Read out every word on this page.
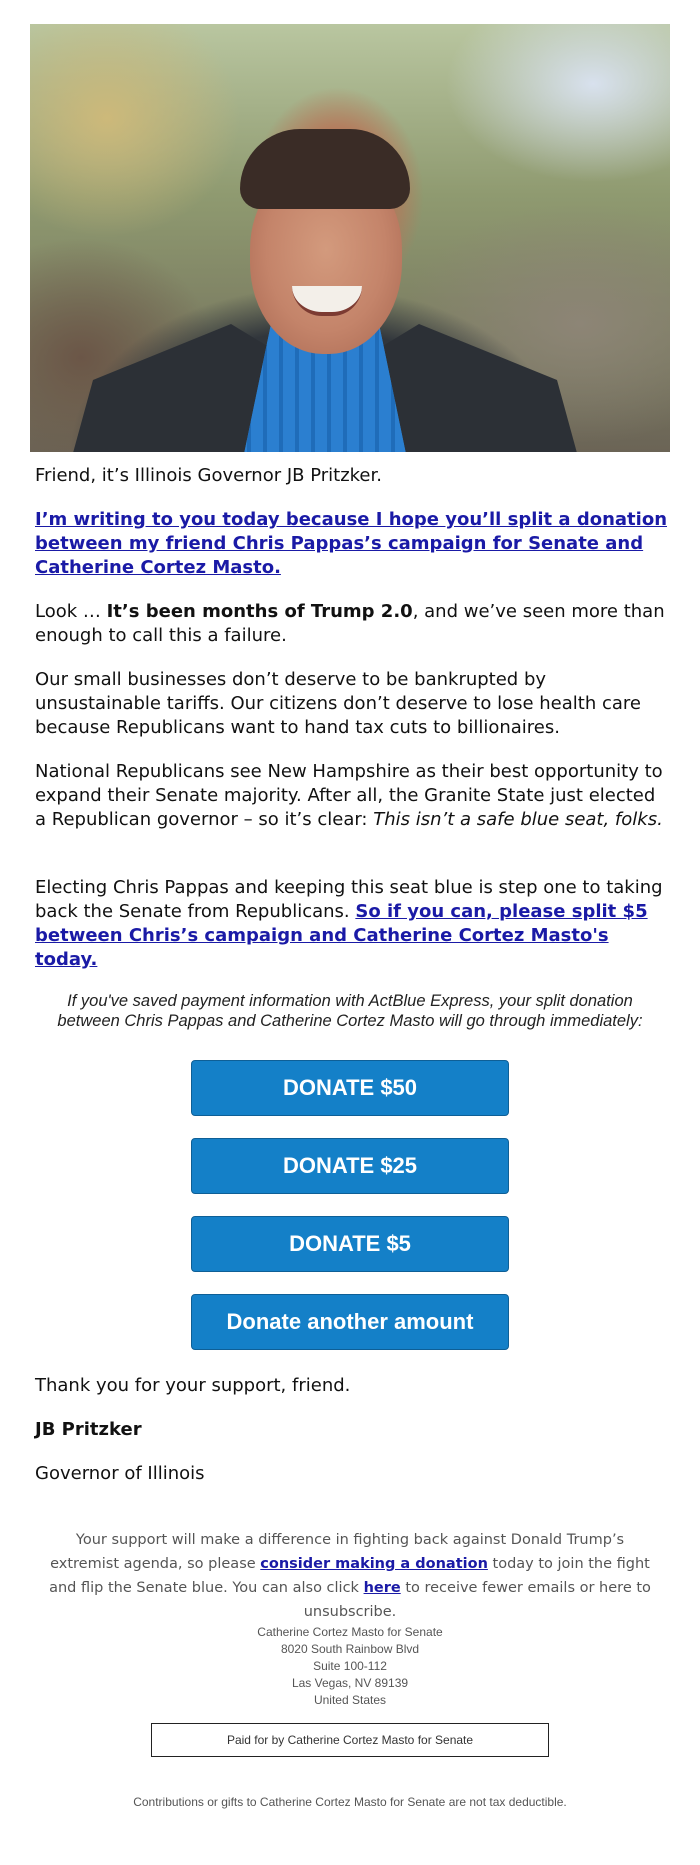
Friend, it’s Illinois Governor JB Pritzker.

I’m writing to you today because I hope you’ll split a donation between my friend Chris Pappas’s campaign for Senate and Catherine Cortez Masto.

Look … It’s been months of Trump 2.0, and we’ve seen more than enough to call this a failure.

Our small businesses don’t deserve to be bankrupted by unsustainable tariffs. Our citizens don’t deserve to lose health care because Republicans want to hand tax cuts to billionaires.

National Republicans see New Hampshire as their best opportunity to expand their Senate majority. After all, the Granite State just elected a Republican governor – so it’s clear: This isn’t a safe blue seat, folks.

Electing Chris Pappas and keeping this seat blue is step one to taking back the Senate from Republicans. So if you can, please split $5 between Chris’s campaign and Catherine Cortez Masto's today.

If you've saved payment information with ActBlue Express, your split donation between Chris Pappas and Catherine Cortez Masto will go through immediately:

DONATE $50
DONATE $25
DONATE $5
Donate another amount

Thank you for your support, friend.

JB Pritzker

Governor of Illinois

Your support will make a difference in fighting back against Donald Trump’s extremist agenda, so please consider making a donation today to join the fight and flip the Senate blue. You can also click here to receive fewer emails or here to unsubscribe.

Catherine Cortez Masto for Senate
8020 South Rainbow Blvd
Suite 100-112
Las Vegas, NV 89139
United States
Paid for by Catherine Cortez Masto for Senate
Contributions or gifts to Catherine Cortez Masto for Senate are not tax deductible.
